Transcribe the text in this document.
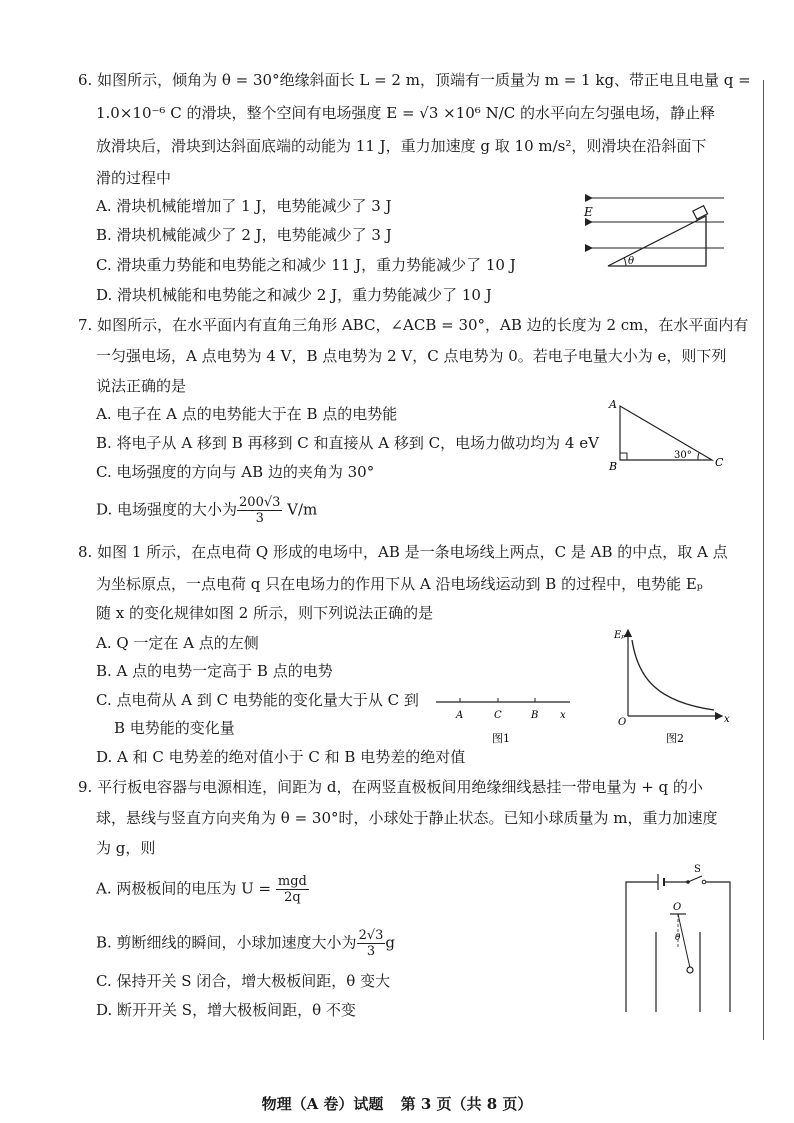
6. 如图所示，倾角为 θ = 30°绝缘斜面长 L = 2 m，顶端有一质量为 m = 1 kg、带正电且电量 q =
1.0×10⁻⁶ C 的滑块，整个空间有电场强度 E = √3 ×10⁶ N/C 的水平向左匀强电场，静止释
放滑块后，滑块到达斜面底端的动能为 11 J，重力加速度 g 取 10 m/s²，则滑块在沿斜面下
滑的过程中
A. 滑块机械能增加了 1 J，电势能减少了 3 J
B. 滑块机械能减少了 2 J，电势能减少了 3 J
C. 滑块重力势能和电势能之和减少 11 J，重力势能减少了 10 J
D. 滑块机械能和电势能之和减少 2 J，重力势能减少了 10 J
E
θ
7. 如图所示，在水平面内有直角三角形 ABC，∠ACB = 30°，AB 边的长度为 2 cm，在水平面内有
一匀强电场，A 点电势为 4 V，B 点电势为 2 V，C 点电势为 0。若电子电量大小为 e，则下列
说法正确的是
A. 电子在 A 点的电势能大于在 B 点的电势能
B. 将电子从 A 移到 B 再移到 C 和直接从 A 移到 C，电场力做功均为 4 eV
C. 电场强度的方向与 AB 边的夹角为 30°
D. 电场强度的大小为 $\frac{200√3}{3} V/m$
A
B	C
30°
8. 如图 1 所示，在点电荷 Q 形成的电场中，AB 是一条电场线上两点，C 是 AB 的中点，取 A 点
为坐标原点，一点电荷 q 只在电场力的作用下从 A 沿电场线运动到 B 的过程中，电势能 Eₚ
随 x 的变化规律如图 2 所示，则下列说法正确的是
A. Q 一定在 A 点的左侧
B. A 点的电势一定高于 B 点的电势
C. 点电荷从 A 到 C 电势能的变化量大于从 C 到
B 电势能的变化量
D. A 和 C 电势差的绝对值小于 C 和 B 电势差的绝对值
A	C	B x
图1
Eₚ
O	x
图2
9. 平行板电容器与电源相连，间距为 d，在两竖直极板间用绝缘细线悬挂一带电量为 + q 的小
球，悬线与竖直方向夹角为 θ = 30°时，小球处于静止状态。已知小球质量为 m，重力加速度
为 g，则
A. 两极板间的电压为 $U = \frac{\text{mgd}}{2q}$
B. 剪断细线的瞬间，小球加速度大小为 $\frac{2√3}{3}$ g
C. 保持开关 S 闭合，增大极板间距，θ 变大
D. 断开开关 S，增大极板间距，θ 不变
S
O
θ
物理（A 卷）试题 第 3 页（共 8 页）
